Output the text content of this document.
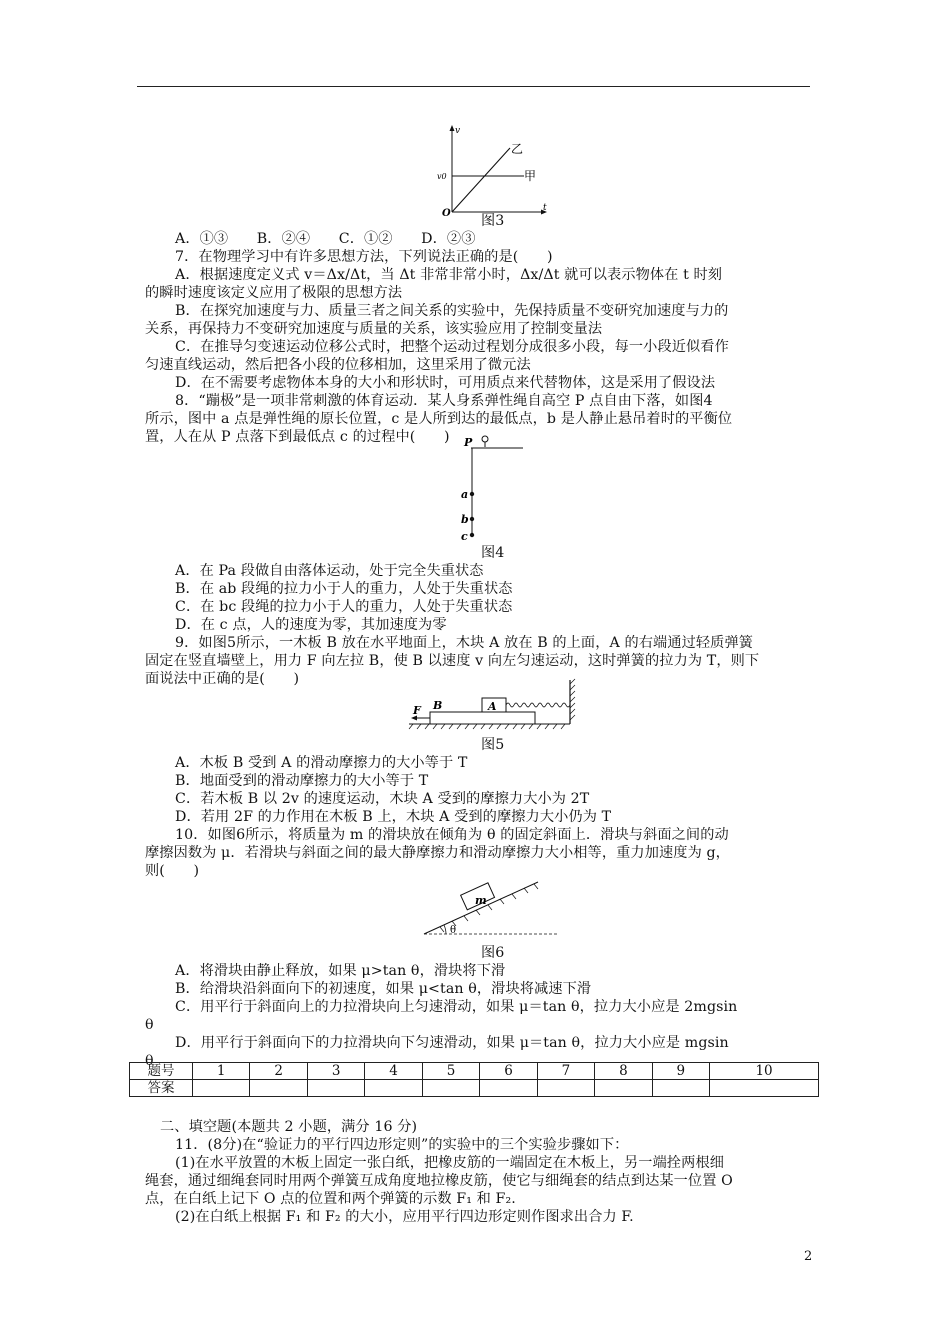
v
t
O
v0
乙
甲
图3
A．①③　　B．②④　　C．①②　　D．②③
7．在物理学习中有许多思想方法，下列说法正确的是(　　)
A．根据速度定义式 v＝Δx/Δt，当 Δt 非常非常小时，Δx/Δt 就可以表示物体在 t 时刻
的瞬时速度该定义应用了极限的思想方法
B．在探究加速度与力、质量三者之间关系的实验中，先保持质量不变研究加速度与力的
关系，再保持力不变研究加速度与质量的关系，该实验应用了控制变量法
C．在推导匀变速运动位移公式时，把整个运动过程划分成很多小段，每一小段近似看作
匀速直线运动，然后把各小段的位移相加，这里采用了微元法
D．在不需要考虑物体本身的大小和形状时，可用质点来代替物体，这是采用了假设法
8．“蹦极”是一项非常刺激的体育运动．某人身系弹性绳自高空 P 点自由下落，如图4
所示，图中 a 点是弹性绳的原长位置，c 是人所到达的最低点，b 是人静止悬吊着时的平衡位
置，人在从 P 点落下到最低点 c 的过程中(　　) P
a
b
c
图4
A．在 Pa 段做自由落体运动，处于完全失重状态
B．在 ab 段绳的拉力小于人的重力，人处于失重状态
C．在 bc 段绳的拉力小于人的重力，人处于失重状态
D．在 c 点，人的速度为零，其加速度为零
9．如图5所示，一木板 B 放在水平地面上，木块 A 放在 B 的上面，A 的右端通过轻质弹簧
固定在竖直墙壁上，用力 F 向左拉 B，使 B 以速度 v 向左匀速运动，这时弹簧的拉力为 T，则下
面说法中正确的是(　　)
F B	A
图5
A．木板 B 受到 A 的滑动摩擦力的大小等于 T
B．地面受到的滑动摩擦力的大小等于 T
C．若木板 B 以 2v 的速度运动，木块 A 受到的摩擦力大小为 2T
D．若用 2F 的力作用在木板 B 上，木块 A 受到的摩擦力大小仍为 T
10．如图6所示，将质量为 m 的滑块放在倾角为 θ 的固定斜面上．滑块与斜面之间的动
摩擦因数为 μ．若滑块与斜面之间的最大静摩擦力和滑动摩擦力大小相等，重力加速度为 g，
则(　　)
m
θ
图6
A．将滑块由静止释放，如果 μ>tan θ，滑块将下滑
B．给滑块沿斜面向下的初速度，如果 μ<tan θ，滑块将减速下滑
C．用平行于斜面向上的力拉滑块向上匀速滑动，如果 μ＝tan θ，拉力大小应是 2mgsin
θ
D．用平行于斜面向下的力拉滑块向下匀速滑动，如果 μ＝tan θ，拉力大小应是 mgsin
θ
题号	1	2	3	4	5	6	7	8	9	10
答案										
二、填空题(本题共 2 小题，满分 16 分)
11．(8分)在“验证力的平行四边形定则”的实验中的三个实验步骤如下：
(1)在水平放置的木板上固定一张白纸，把橡皮筋的一端固定在木板上，另一端拴两根细
绳套，通过细绳套同时用两个弹簧互成角度地拉橡皮筋，使它与细绳套的结点到达某一位置 O
点，在白纸上记下 O 点的位置和两个弹簧的示数 F₁ 和 F₂.
(2)在白纸上根据 F₁ 和 F₂ 的大小，应用平行四边形定则作图求出合力 F.
2
